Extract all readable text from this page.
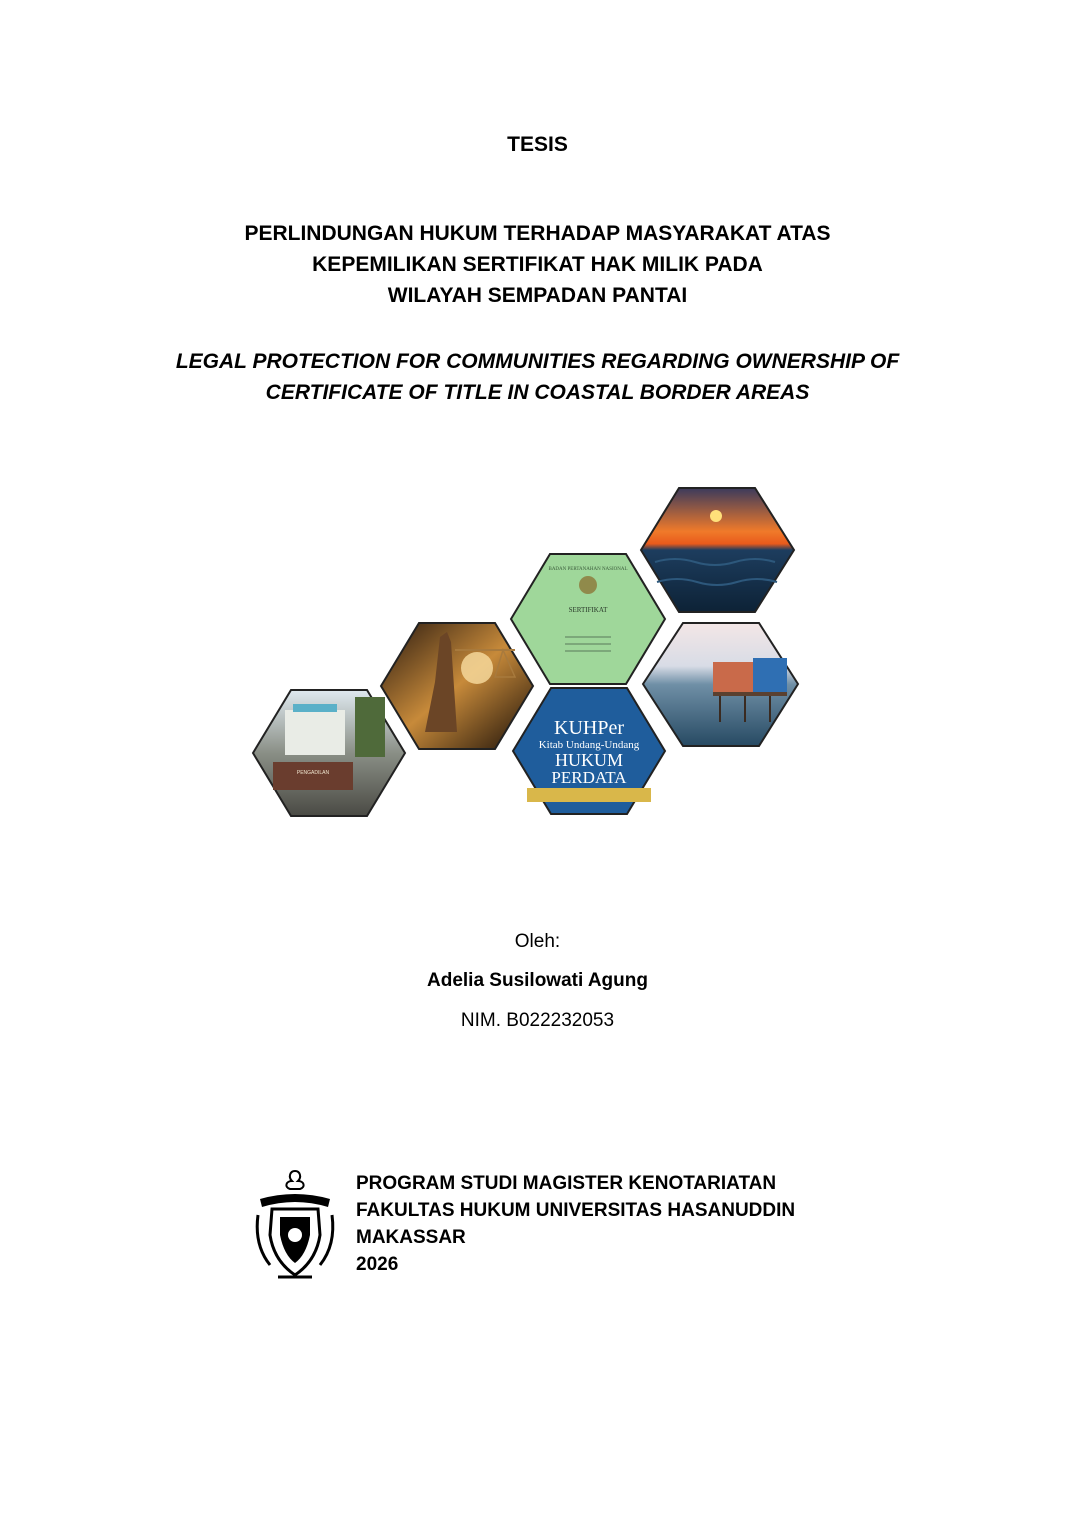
TESIS
PERLINDUNGAN HUKUM TERHADAP MASYARAKAT ATAS
KEPEMILIKAN SERTIFIKAT HAK MILIK PADA
WILAYAH SEMPADAN PANTAI
LEGAL PROTECTION FOR COMMUNITIES REGARDING OWNERSHIP OF
CERTIFICATE OF TITLE IN COASTAL BORDER AREAS
PENGADILAN
BADAN PERTANAHAN NASIONAL
SERTIFIKAT
KUHPer
Kitab Undang-Undang
HUKUM
PERDATA
Oleh:
Adelia Susilowati Agung
NIM. B022232053
PROGRAM STUDI MAGISTER KENOTARIATAN
FAKULTAS HUKUM UNIVERSITAS HASANUDDIN
MAKASSAR
2026
